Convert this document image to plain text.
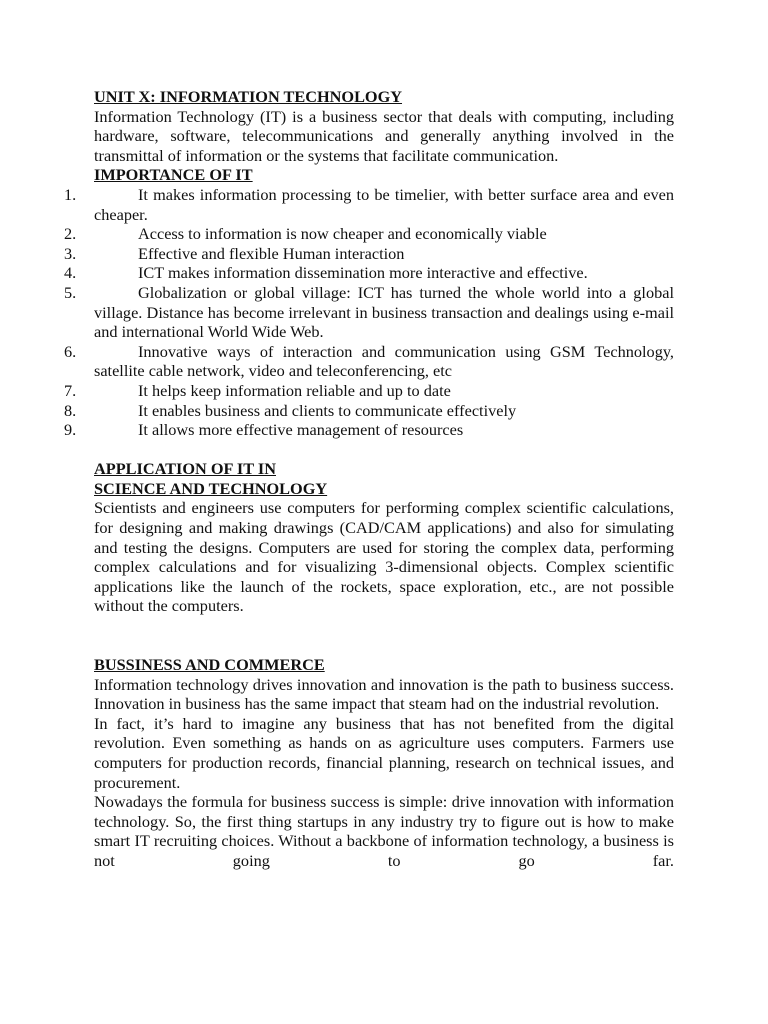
UNIT X: INFORMATION TECHNOLOGY

Information Technology (IT) is a business sector that deals with computing, including hardware, software, telecommunications and generally anything involved in the transmittal of information or the systems that facilitate communication.

IMPORTANCE OF IT
1.	It makes information processing to be timelier, with better surface area and even cheaper.
2.	Access to information is now cheaper and economically viable
3.	Effective and flexible Human interaction
4.	ICT makes information dissemination more interactive and effective.
5.	Globalization or global village: ICT has turned the whole world into a global village. Distance has become irrelevant in business transaction and dealings using e-mail and international World Wide Web.
6.	Innovative ways of interaction and communication using GSM Technology, satellite cable network, video and teleconferencing, etc
7.	It helps keep information reliable and up to date
8.	It enables business and clients to communicate effectively
9.	It allows more effective management of resources
APPLICATION OF IT IN
SCIENCE AND TECHNOLOGY

Scientists and engineers use computers for performing complex scientific calculations, for designing and making drawings (CAD/CAM applications) and also for simulating and testing the designs. Computers are used for storing the complex data, performing complex calculations and for visualizing 3-dimensional objects. Complex scientific applications like the launch of the rockets, space exploration, etc., are not possible without the computers.

BUSSINESS AND COMMERCE

Information technology drives innovation and innovation is the path to business success. Innovation in business has the same impact that steam had on the industrial revolution.

In fact, it’s hard to imagine any business that has not benefited from the digital revolution. Even something as hands on as agriculture uses computers. Farmers use computers for production records, financial planning, research on technical issues, and procurement.

Nowadays the formula for business success is simple: drive innovation with information technology. So, the first thing startups in any industry try to figure out is how to make smart IT recruiting choices. Without a backbone of information technology, a business is not going to go far.
